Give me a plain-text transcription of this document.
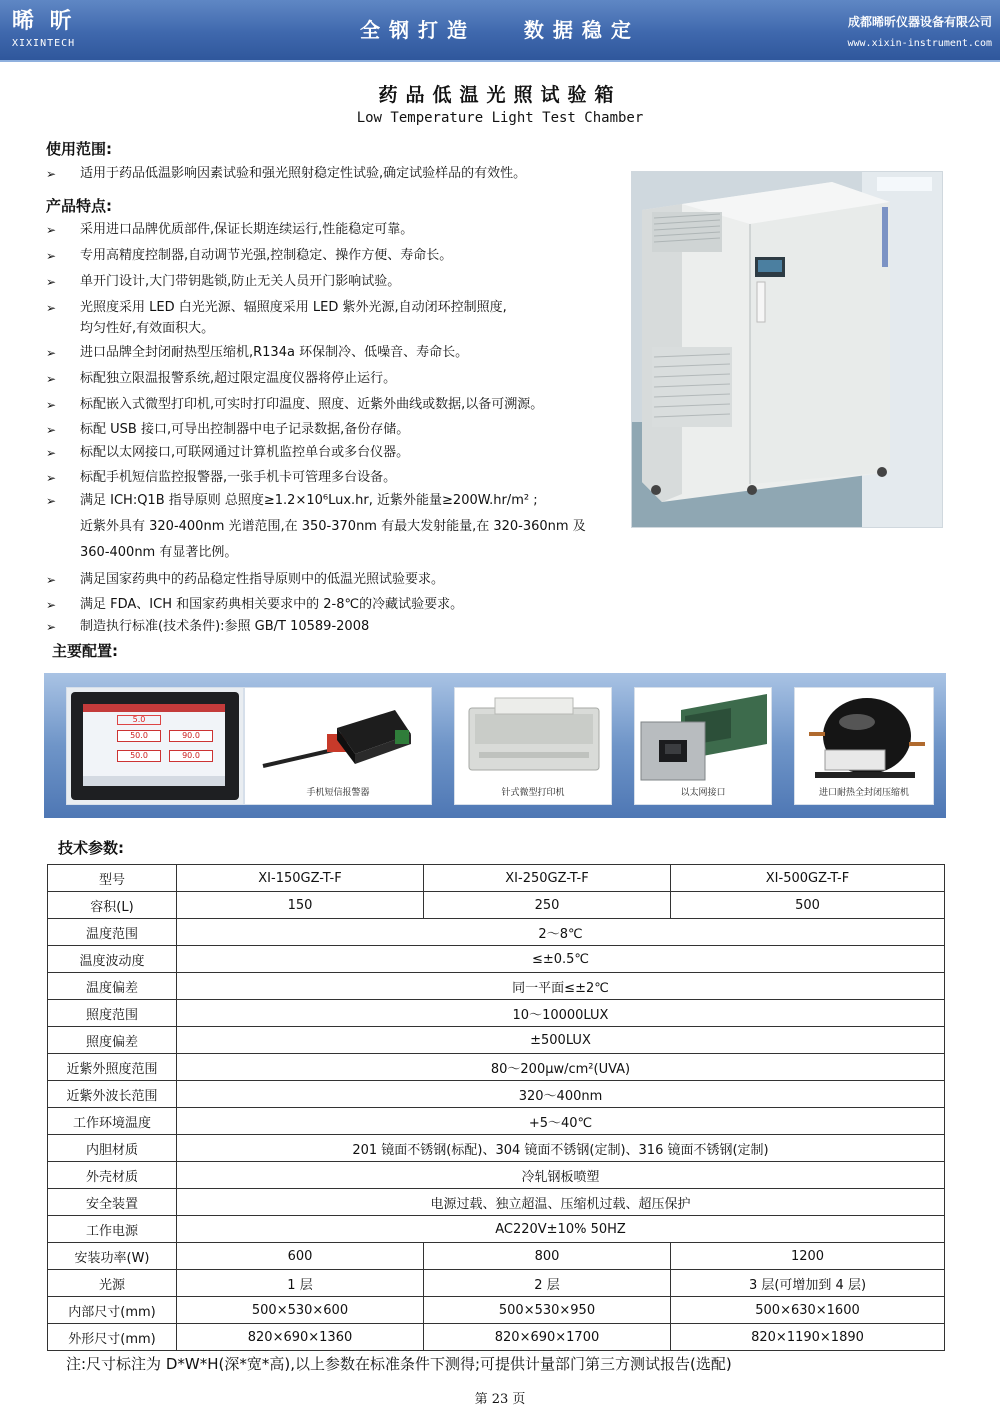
晞 昕
XIXINTECH
全钢打造   数据稳定	成都晞昕仪器设备有限公司
www.xixin-instrument.com
药品低温光照试验箱
Low Temperature Light Test Chamber
使用范围:
➢	适用于药品低温影响因素试验和强光照射稳定性试验,确定试验样品的有效性。
产品特点:
➢	采用进口品牌优质部件,保证长期连续运行,性能稳定可靠。
➢	专用高精度控制器,自动调节光强,控制稳定、操作方便、寿命长。
➢	单开门设计,大门带钥匙锁,防止无关人员开门影响试验。
➢	光照度采用 LED 白光光源、辐照度采用 LED 紫外光源,自动闭环控制照度,
均匀性好,有效面积大。
➢	进口品牌全封闭耐热型压缩机,R134a 环保制冷、低噪音、寿命长。
➢	标配独立限温报警系统,超过限定温度仪器将停止运行。
➢	标配嵌入式微型打印机,可实时打印温度、照度、近紫外曲线或数据,以备可溯源。
➢	标配 USB 接口,可导出控制器中电子记录数据,备份存储。
➢	标配以太网接口,可联网通过计算机监控单台或多台仪器。
➢	标配手机短信监控报警器,一张手机卡可管理多台设备。
➢	满足 ICH:Q1B 指导原则 总照度≥1.2×10⁶Lux.hr, 近紫外能量≥200W.hr/m² ;
近紫外具有 320-400nm 光谱范围,在 350-370nm 有最大发射能量,在 320-360nm 及
360-400nm 有显著比例。
➢	满足国家药典中的药品稳定性指导原则中的低温光照试验要求。
➢	满足 FDA、ICH 和国家药典相关要求中的 2-8℃的冷藏试验要求。
➢	制造执行标准(技术条件):参照 GB/T 10589-2008
主要配置:
5.0
50.0	90.0
50.0	90.0
手机短信报警器	针式微型打印机	以太网接口	进口耐热全封闭压缩机
技术参数:
型号	XI-150GZ-T-F	XI-250GZ-T-F	XI-500GZ-T-F
容积(L)	150	250	500
温度范围	2～8℃		
温度波动度	≤±0.5℃		
温度偏差	同一平面≤±2℃		
照度范围	10～10000LUX		
照度偏差	±500LUX		
近紫外照度范围	80～200μw/cm²(UVA)		
近紫外波长范围	320～400nm		
工作环境温度	+5～40℃		
内胆材质	201 镜面不锈钢(标配)、304 镜面不锈钢(定制)、316 镜面不锈钢(定制)		
外壳材质	冷轧钢板喷塑		
安全装置	电源过载、独立超温、压缩机过载、超压保护		
工作电源	AC220V±10% 50HZ		
安装功率(W)	600	800	1200
光源	1 层	2 层	3 层(可增加到 4 层)
内部尺寸(mm)	500×530×600	500×530×950	500×630×1600
外形尺寸(mm)	820×690×1360	820×690×1700	820×1190×1890
注:尺寸标注为 D*W*H(深*宽*高),以上参数在标准条件下测得;可提供计量部门第三方测试报告(选配)
第 23 页
